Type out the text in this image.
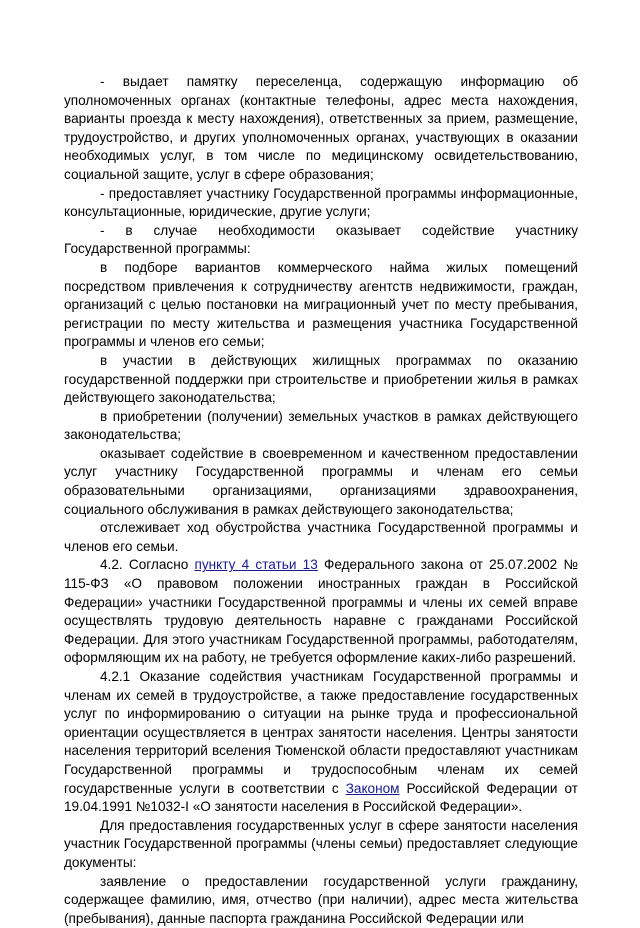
- выдает памятку переселенца, содержащую информацию об уполномоченных органах (контактные телефоны, адрес места нахождения, варианты проезда к месту нахождения), ответственных за прием, размещение, трудоустройство, и других уполномоченных органах, участвующих в оказании необходимых услуг, в том числе по медицинскому освидетельствованию, социальной защите, услуг в сфере образования;

- предоставляет участнику Государственной программы информационные, консультационные, юридические, другие услуги;

- в случае необходимости оказывает содействие участнику Государственной программы:

в подборе вариантов коммерческого найма жилых помещений посредством привлечения к сотрудничеству агентств недвижимости, граждан, организаций с целью постановки на миграционный учет по месту пребывания, регистрации по месту жительства и размещения участника Государственной программы и членов его семьи;

в участии в действующих жилищных программах по оказанию государственной поддержки при строительстве и приобретении жилья в рамках действующего законодательства;

в приобретении (получении) земельных участков в рамках действующего законодательства;

оказывает содействие в своевременном и качественном предоставлении услуг участнику Государственной программы и членам его семьи образовательными организациями, организациями здравоохранения, социального обслуживания в рамках действующего законодательства;

отслеживает ход обустройства участника Государственной программы и членов его семьи.

4.2. Согласно пункту 4 статьи 13 Федерального закона от 25.07.2002 № 115-ФЗ «О правовом положении иностранных граждан в Российской Федерации» участники Государственной программы и члены их семей вправе осуществлять трудовую деятельность наравне с гражданами Российской Федерации. Для этого участникам Государственной программы, работодателям, оформляющим их на работу, не требуется оформление каких-либо разрешений.

4.2.1 Оказание содействия участникам Государственной программы и членам их семей в трудоустройстве, а также предоставление государственных услуг по информированию о ситуации на рынке труда и профессиональной ориентации осуществляется в центрах занятости населения. Центры занятости населения территорий вселения Тюменской области предоставляют участникам Государственной программы и трудоспособным членам их семей государственные услуги в соответствии с Законом Российской Федерации от 19.04.1991 №1032-I «О занятости населения в Российской Федерации».

Для предоставления государственных услуг в сфере занятости населения участник Государственной программы (члены семьи) предоставляет следующие документы:

заявление о предоставлении государственной услуги гражданину, содержащее фамилию, имя, отчество (при наличии), адрес места жительства (пребывания), данные паспорта гражданина Российской Федерации или
